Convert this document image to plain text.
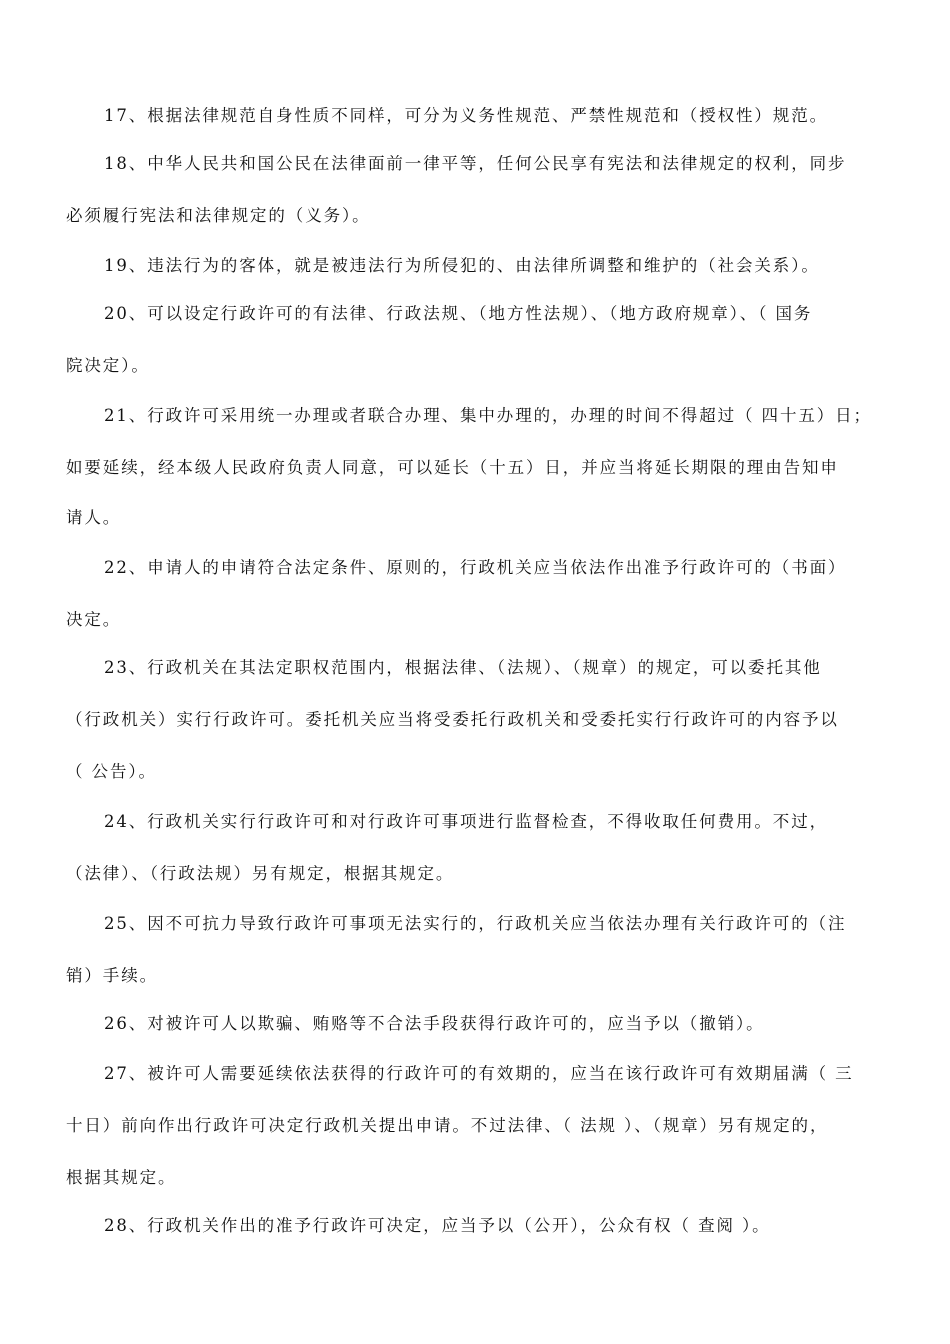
17、根据法律规范自身性质不同样，可分为义务性规范、严禁性规范和（授权性）规范。

18、中华人民共和国公民在法律面前一律平等，任何公民享有宪法和法律规定的权利，同步

必须履行宪法和法律规定的（义务）。

19、违法行为的客体，就是被违法行为所侵犯的、由法律所调整和维护的（社会关系）。

20、可以设定行政许可的有法律、行政法规、（地方性法规）、（地方政府规章）、（ 国务

院决定）。

21、行政许可采用统一办理或者联合办理、集中办理的，办理的时间不得超过（ 四十五）日；

如要延续，经本级人民政府负责人同意，可以延长（十五）日，并应当将延长期限的理由告知申

请人。

22、申请人的申请符合法定条件、原则的，行政机关应当依法作出准予行政许可的（书面）

决定。

23、行政机关在其法定职权范围内，根据法律、（法规）、（规章）的规定，可以委托其他

（行政机关）实行行政许可。委托机关应当将受委托行政机关和受委托实行行政许可的内容予以

（ 公告）。

24、行政机关实行行政许可和对行政许可事项进行监督检查，不得收取任何费用。不过，

（法律）、（行政法规）另有规定，根据其规定。

25、因不可抗力导致行政许可事项无法实行的，行政机关应当依法办理有关行政许可的（注

销）手续。

26、对被许可人以欺骗、贿赂等不合法手段获得行政许可的，应当予以（撤销）。

27、被许可人需要延续依法获得的行政许可的有效期的，应当在该行政许可有效期届满（ 三

十日）前向作出行政许可决定行政机关提出申请。不过法律、（ 法规 ）、（规章）另有规定的，

根据其规定。

28、行政机关作出的准予行政许可决定，应当予以（公开），公众有权（ 查阅 ）。
